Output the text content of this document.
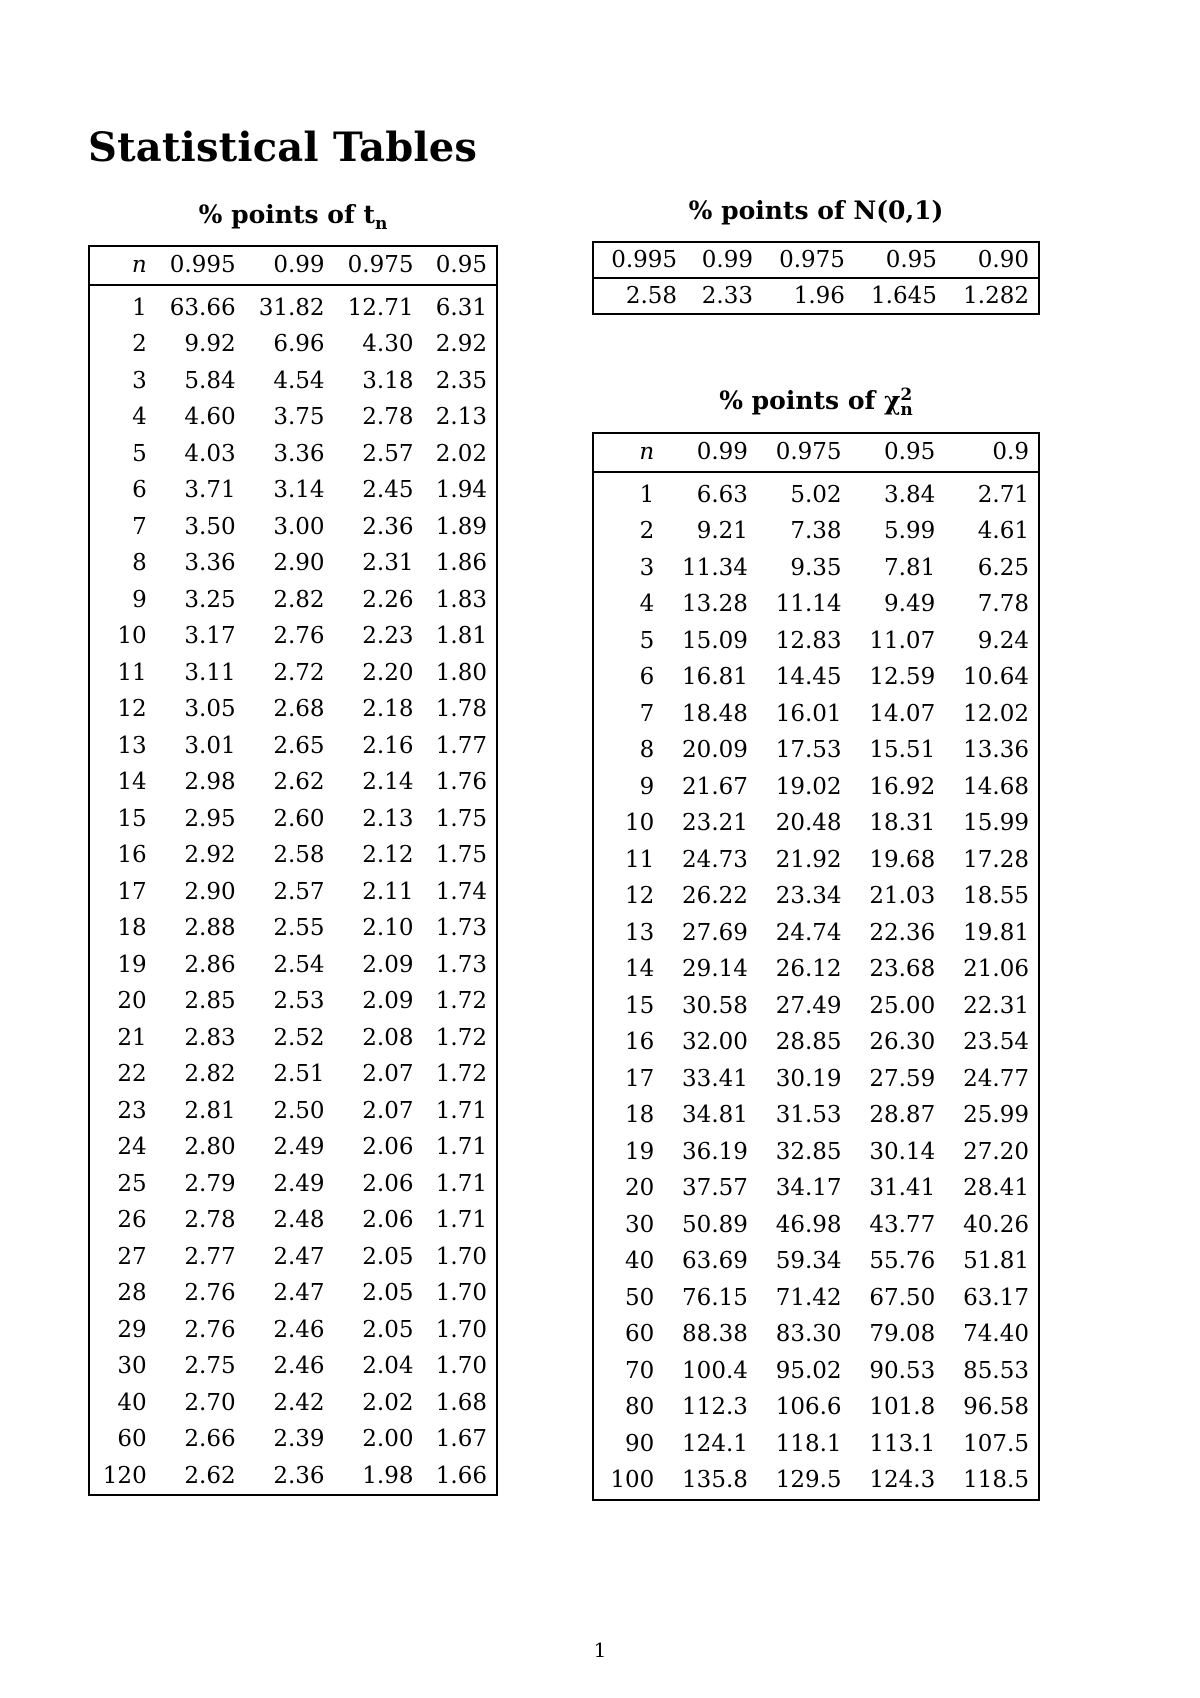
Statistical Tables
% points of $t_n$
n	0.995	0.99	0.975	0.95
1	63.66	31.82	12.71	6.31
2	9.92	6.96	4.30	2.92
3	5.84	4.54	3.18	2.35
4	4.60	3.75	2.78	2.13
5	4.03	3.36	2.57	2.02
6	3.71	3.14	2.45	1.94
7	3.50	3.00	2.36	1.89
8	3.36	2.90	2.31	1.86
9	3.25	2.82	2.26	1.83
10	3.17	2.76	2.23	1.81
11	3.11	2.72	2.20	1.80
12	3.05	2.68	2.18	1.78
13	3.01	2.65	2.16	1.77
14	2.98	2.62	2.14	1.76
15	2.95	2.60	2.13	1.75
16	2.92	2.58	2.12	1.75
17	2.90	2.57	2.11	1.74
18	2.88	2.55	2.10	1.73
19	2.86	2.54	2.09	1.73
20	2.85	2.53	2.09	1.72
21	2.83	2.52	2.08	1.72
22	2.82	2.51	2.07	1.72
23	2.81	2.50	2.07	1.71
24	2.80	2.49	2.06	1.71
25	2.79	2.49	2.06	1.71
26	2.78	2.48	2.06	1.71
27	2.77	2.47	2.05	1.70
28	2.76	2.47	2.05	1.70
29	2.76	2.46	2.05	1.70
30	2.75	2.46	2.04	1.70
40	2.70	2.42	2.02	1.68
60	2.66	2.39	2.00	1.67
120	2.62	2.36	1.98	1.66
% points of N(0,1)
0.995	0.99	0.975	0.95	0.90
2.58	2.33	1.96	1.645	1.282
% points of χ 2
n
n	0.99	0.975	0.95	0.9
1	6.63	5.02	3.84	2.71
2	9.21	7.38	5.99	4.61
3	11.34	9.35	7.81	6.25
4	13.28	11.14	9.49	7.78
5	15.09	12.83	11.07	9.24
6	16.81	14.45	12.59	10.64
7	18.48	16.01	14.07	12.02
8	20.09	17.53	15.51	13.36
9	21.67	19.02	16.92	14.68
10	23.21	20.48	18.31	15.99
11	24.73	21.92	19.68	17.28
12	26.22	23.34	21.03	18.55
13	27.69	24.74	22.36	19.81
14	29.14	26.12	23.68	21.06
15	30.58	27.49	25.00	22.31
16	32.00	28.85	26.30	23.54
17	33.41	30.19	27.59	24.77
18	34.81	31.53	28.87	25.99
19	36.19	32.85	30.14	27.20
20	37.57	34.17	31.41	28.41
30	50.89	46.98	43.77	40.26
40	63.69	59.34	55.76	51.81
50	76.15	71.42	67.50	63.17
60	88.38	83.30	79.08	74.40
70	100.4	95.02	90.53	85.53
80	112.3	106.6	101.8	96.58
90	124.1	118.1	113.1	107.5
100	135.8	129.5	124.3	118.5
1
